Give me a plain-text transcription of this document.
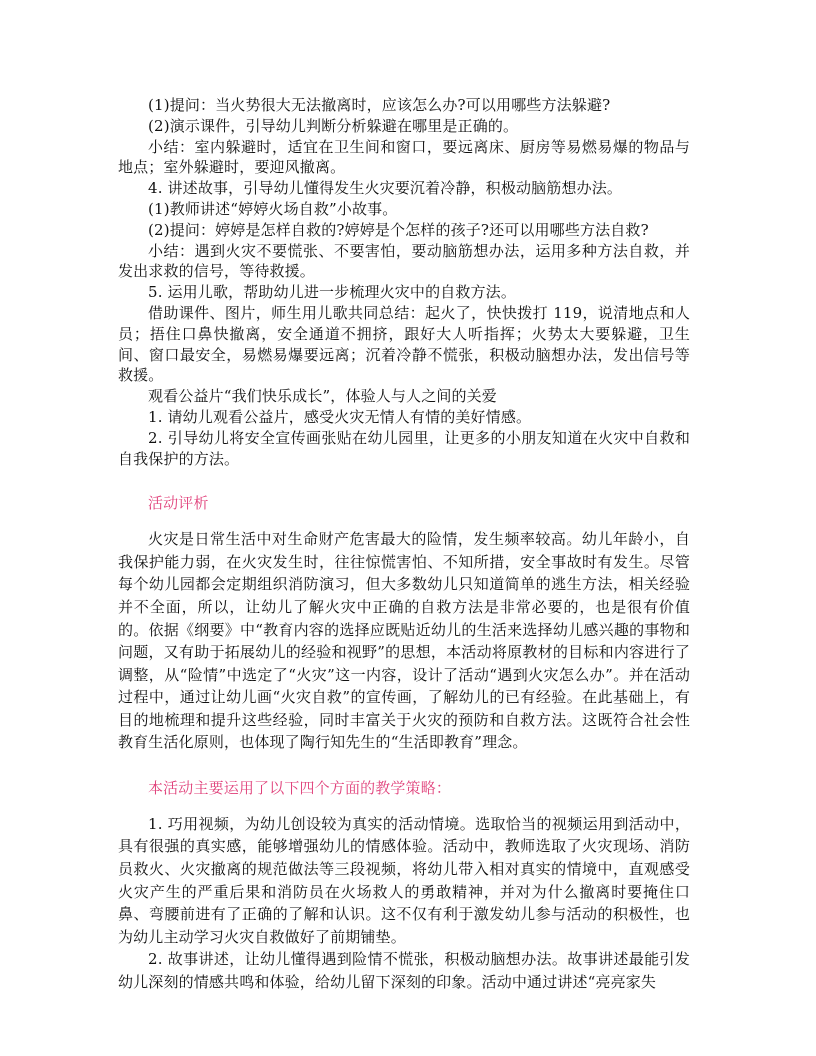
(1)提问：当火势很大无法撤离时，应该怎么办?可以用哪些方法躲避?

(2)演示课件，引导幼儿判断分析躲避在哪里是正确的。

小结：室内躲避时，适宜在卫生间和窗口，要远离床、厨房等易燃易爆的物品与地点；室外躲避时，要迎风撤离。

4. 讲述故事，引导幼儿懂得发生火灾要沉着冷静，积极动脑筋想办法。

(1)教师讲述“婷婷火场自救”小故事。

(2)提问：婷婷是怎样自救的?婷婷是个怎样的孩子?还可以用哪些方法自救?

小结：遇到火灾不要慌张、不要害怕，要动脑筋想办法，运用多种方法自救，并发出求救的信号，等待救援。

5. 运用儿歌，帮助幼儿进一步梳理火灾中的自救方法。

借助课件、图片，师生用儿歌共同总结：起火了，快快拨打 119，说清地点和人员；捂住口鼻快撤离，安全通道不拥挤，跟好大人听指挥；火势太大要躲避，卫生间、窗口最安全，易燃易爆要远离；沉着冷静不慌张，积极动脑想办法，发出信号等救援。

观看公益片“我们快乐成长”，体验人与人之间的关爱

1. 请幼儿观看公益片，感受火灾无情人有情的美好情感。

2. 引导幼儿将安全宣传画张贴在幼儿园里，让更多的小朋友知道在火灾中自救和自我保护的方法。

活动评析

火灾是日常生活中对生命财产危害最大的险情，发生频率较高。幼儿年龄小，自我保护能力弱，在火灾发生时，往往惊慌害怕、不知所措，安全事故时有发生。尽管每个幼儿园都会定期组织消防演习，但大多数幼儿只知道简单的逃生方法，相关经验并不全面，所以，让幼儿了解火灾中正确的自救方法是非常必要的，也是很有价值的。依据《纲要》中“教育内容的选择应既贴近幼儿的生活来选择幼儿感兴趣的事物和问题，又有助于拓展幼儿的经验和视野”的思想，本活动将原教材的目标和内容进行了调整，从“险情”中选定了“火灾”这一内容，设计了活动“遇到火灾怎么办”。并在活动过程中，通过让幼儿画“火灾自救”的宣传画，了解幼儿的已有经验。在此基础上，有目的地梳理和提升这些经验，同时丰富关于火灾的预防和自救方法。这既符合社会性教育生活化原则，也体现了陶行知先生的“生活即教育”理念。

本活动主要运用了以下四个方面的教学策略：

1. 巧用视频，为幼儿创设较为真实的活动情境。选取恰当的视频运用到活动中，具有很强的真实感，能够增强幼儿的情感体验。活动中，教师选取了火灾现场、消防员救火、火灾撤离的规范做法等三段视频，将幼儿带入相对真实的情境中，直观感受火灾产生的严重后果和消防员在火场救人的勇敢精神，并对为什么撤离时要掩住口鼻、弯腰前进有了正确的了解和认识。这不仅有利于激发幼儿参与活动的积极性，也为幼儿主动学习火灾自救做好了前期铺垫。

2. 故事讲述，让幼儿懂得遇到险情不慌张，积极动脑想办法。故事讲述最能引发幼儿深刻的情感共鸣和体验，给幼儿留下深刻的印象。活动中通过讲述“亮亮家失
